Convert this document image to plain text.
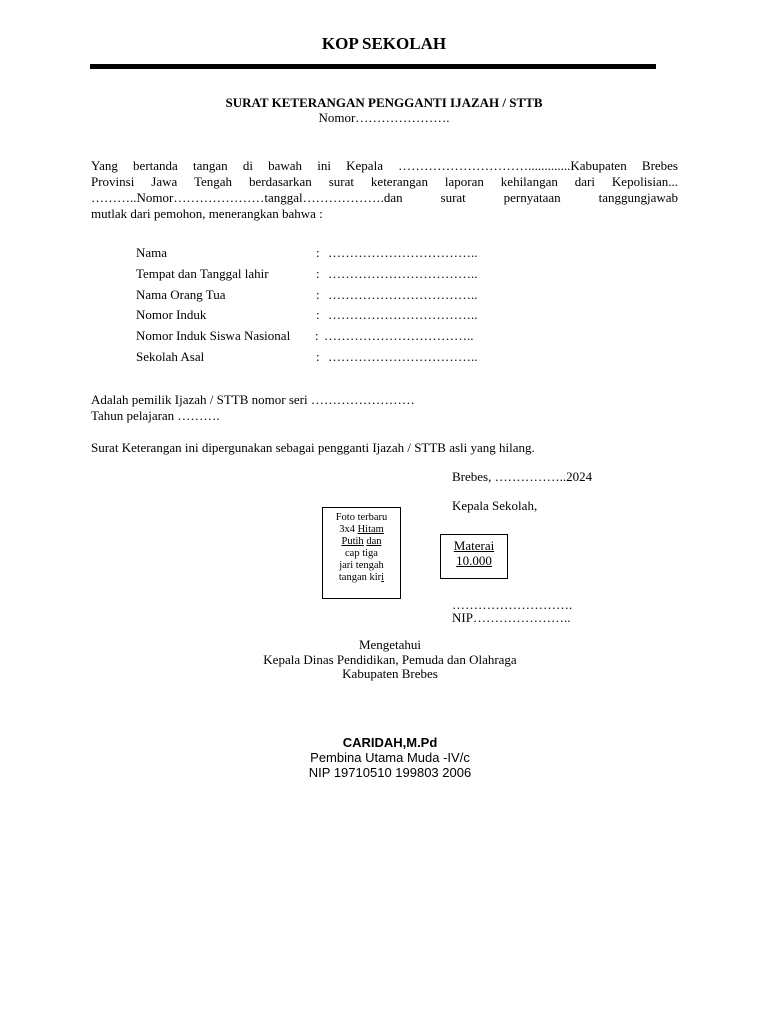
KOP SEKOLAH
SURAT KETERANGAN PENGGANTI IJAZAH / STTB
Nomor………………….
Yang bertanda tangan di bawah ini Kepala ………………………….............Kabupaten Brebes
Provinsi Jawa Tengah berdasarkan surat keterangan laporan kehilangan dari Kepolisian...
………..Nomor…………………tanggal……………….dan surat pernyataan tanggungjawab
mutlak dari pemohon, menerangkan bahwa :
Nama	: ……………………………..
Tempat dan Tanggal lahir	: ……………………………..
Nama Orang Tua	: ……………………………..
Nomor Induk	: ……………………………..
Nomor Induk Siswa Nasional : ……………………………..
Sekolah Asal	: ……………………………..
Adalah pemilik Ijazah / STTB nomor seri ……………………
Tahun pelajaran ……….
Surat Keterangan ini dipergunakan sebagai pengganti Ijazah / STTB asli yang hilang.
Brebes, ……………..2024
Kepala Sekolah,
Foto terbaru
3x4 Hitam
Putih dan
cap tiga
jari tengah
tangan kiri
Materai
10.000
……………………….
NIP…………………..
Mengetahui
Kepala Dinas Pendidikan, Pemuda dan Olahraga
Kabupaten Brebes
CARIDAH,M.Pd
Pembina Utama Muda -IV/c
NIP 19710510 199803 2006
